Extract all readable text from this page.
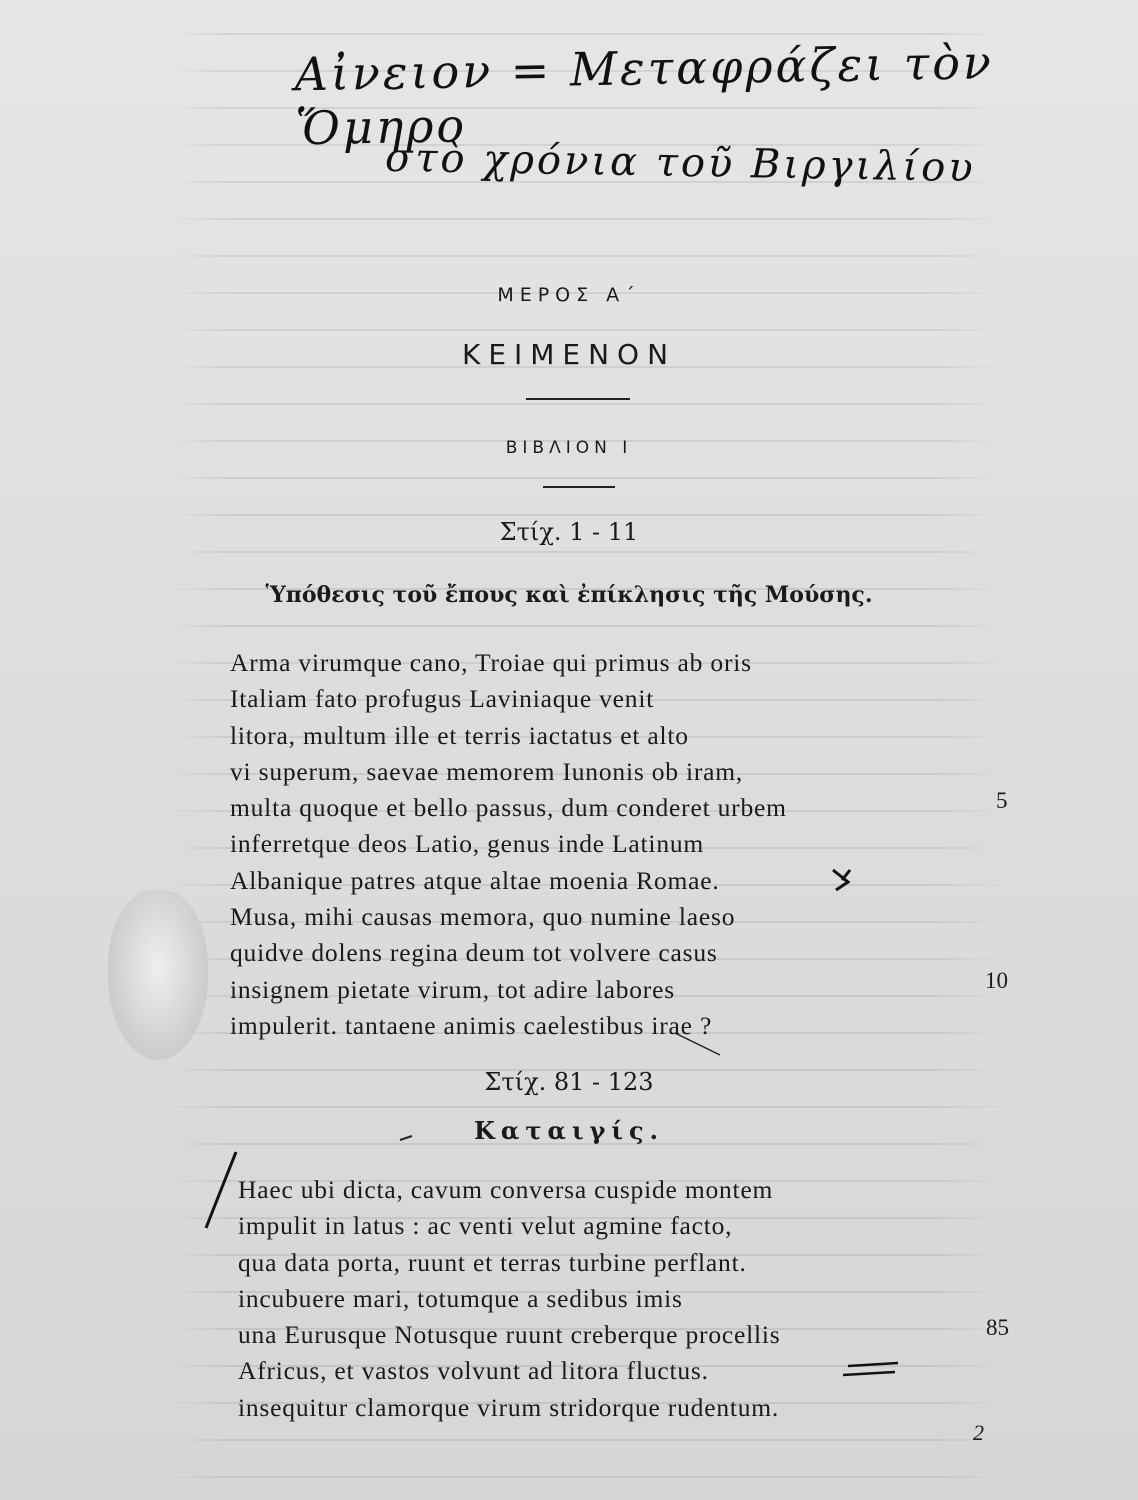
Αἰνειον = Μεταφράζει τὸν Ὅμηρο
στὸ χρόνια τοῦ Βιργιλίου
ΜΕΡΟΣ Α΄
ΚΕΙΜΕΝΟΝ
ΒΙΒΛΙΟΝ Ι
Στίχ. 1 - 11
Ὑπόθεσις τοῦ ἔπους καὶ ἐπίκλησις τῆς Μούσης.
Arma virumque cano, Troiae qui primus ab oris
Italiam fato profugus Laviniaque venit
litora, multum ille et terris iactatus et alto
vi superum, saevae memorem Iunonis ob iram,
multa quoque et bello passus, dum conderet urbem
inferretque deos Latio, genus inde Latinum
Albanique patres atque altae moenia Romae.
Musa, mihi causas memora, quo numine laeso
quidve dolens regina deum tot volvere casus
insignem pietate virum, tot adire labores
impulerit. tantaene animis caelestibus irae ?
5
10
Στίχ. 81 - 123
Καταιγίς.
Haec ubi dicta, cavum conversa cuspide montem
impulit in latus : ac venti velut agmine facto,
qua data porta, ruunt et terras turbine perflant.
incubuere mari, totumque a sedibus imis
una Eurusque Notusque ruunt creberque procellis
Africus, et vastos volvunt ad litora fluctus.
insequitur clamorque virum stridorque rudentum.
85
2
